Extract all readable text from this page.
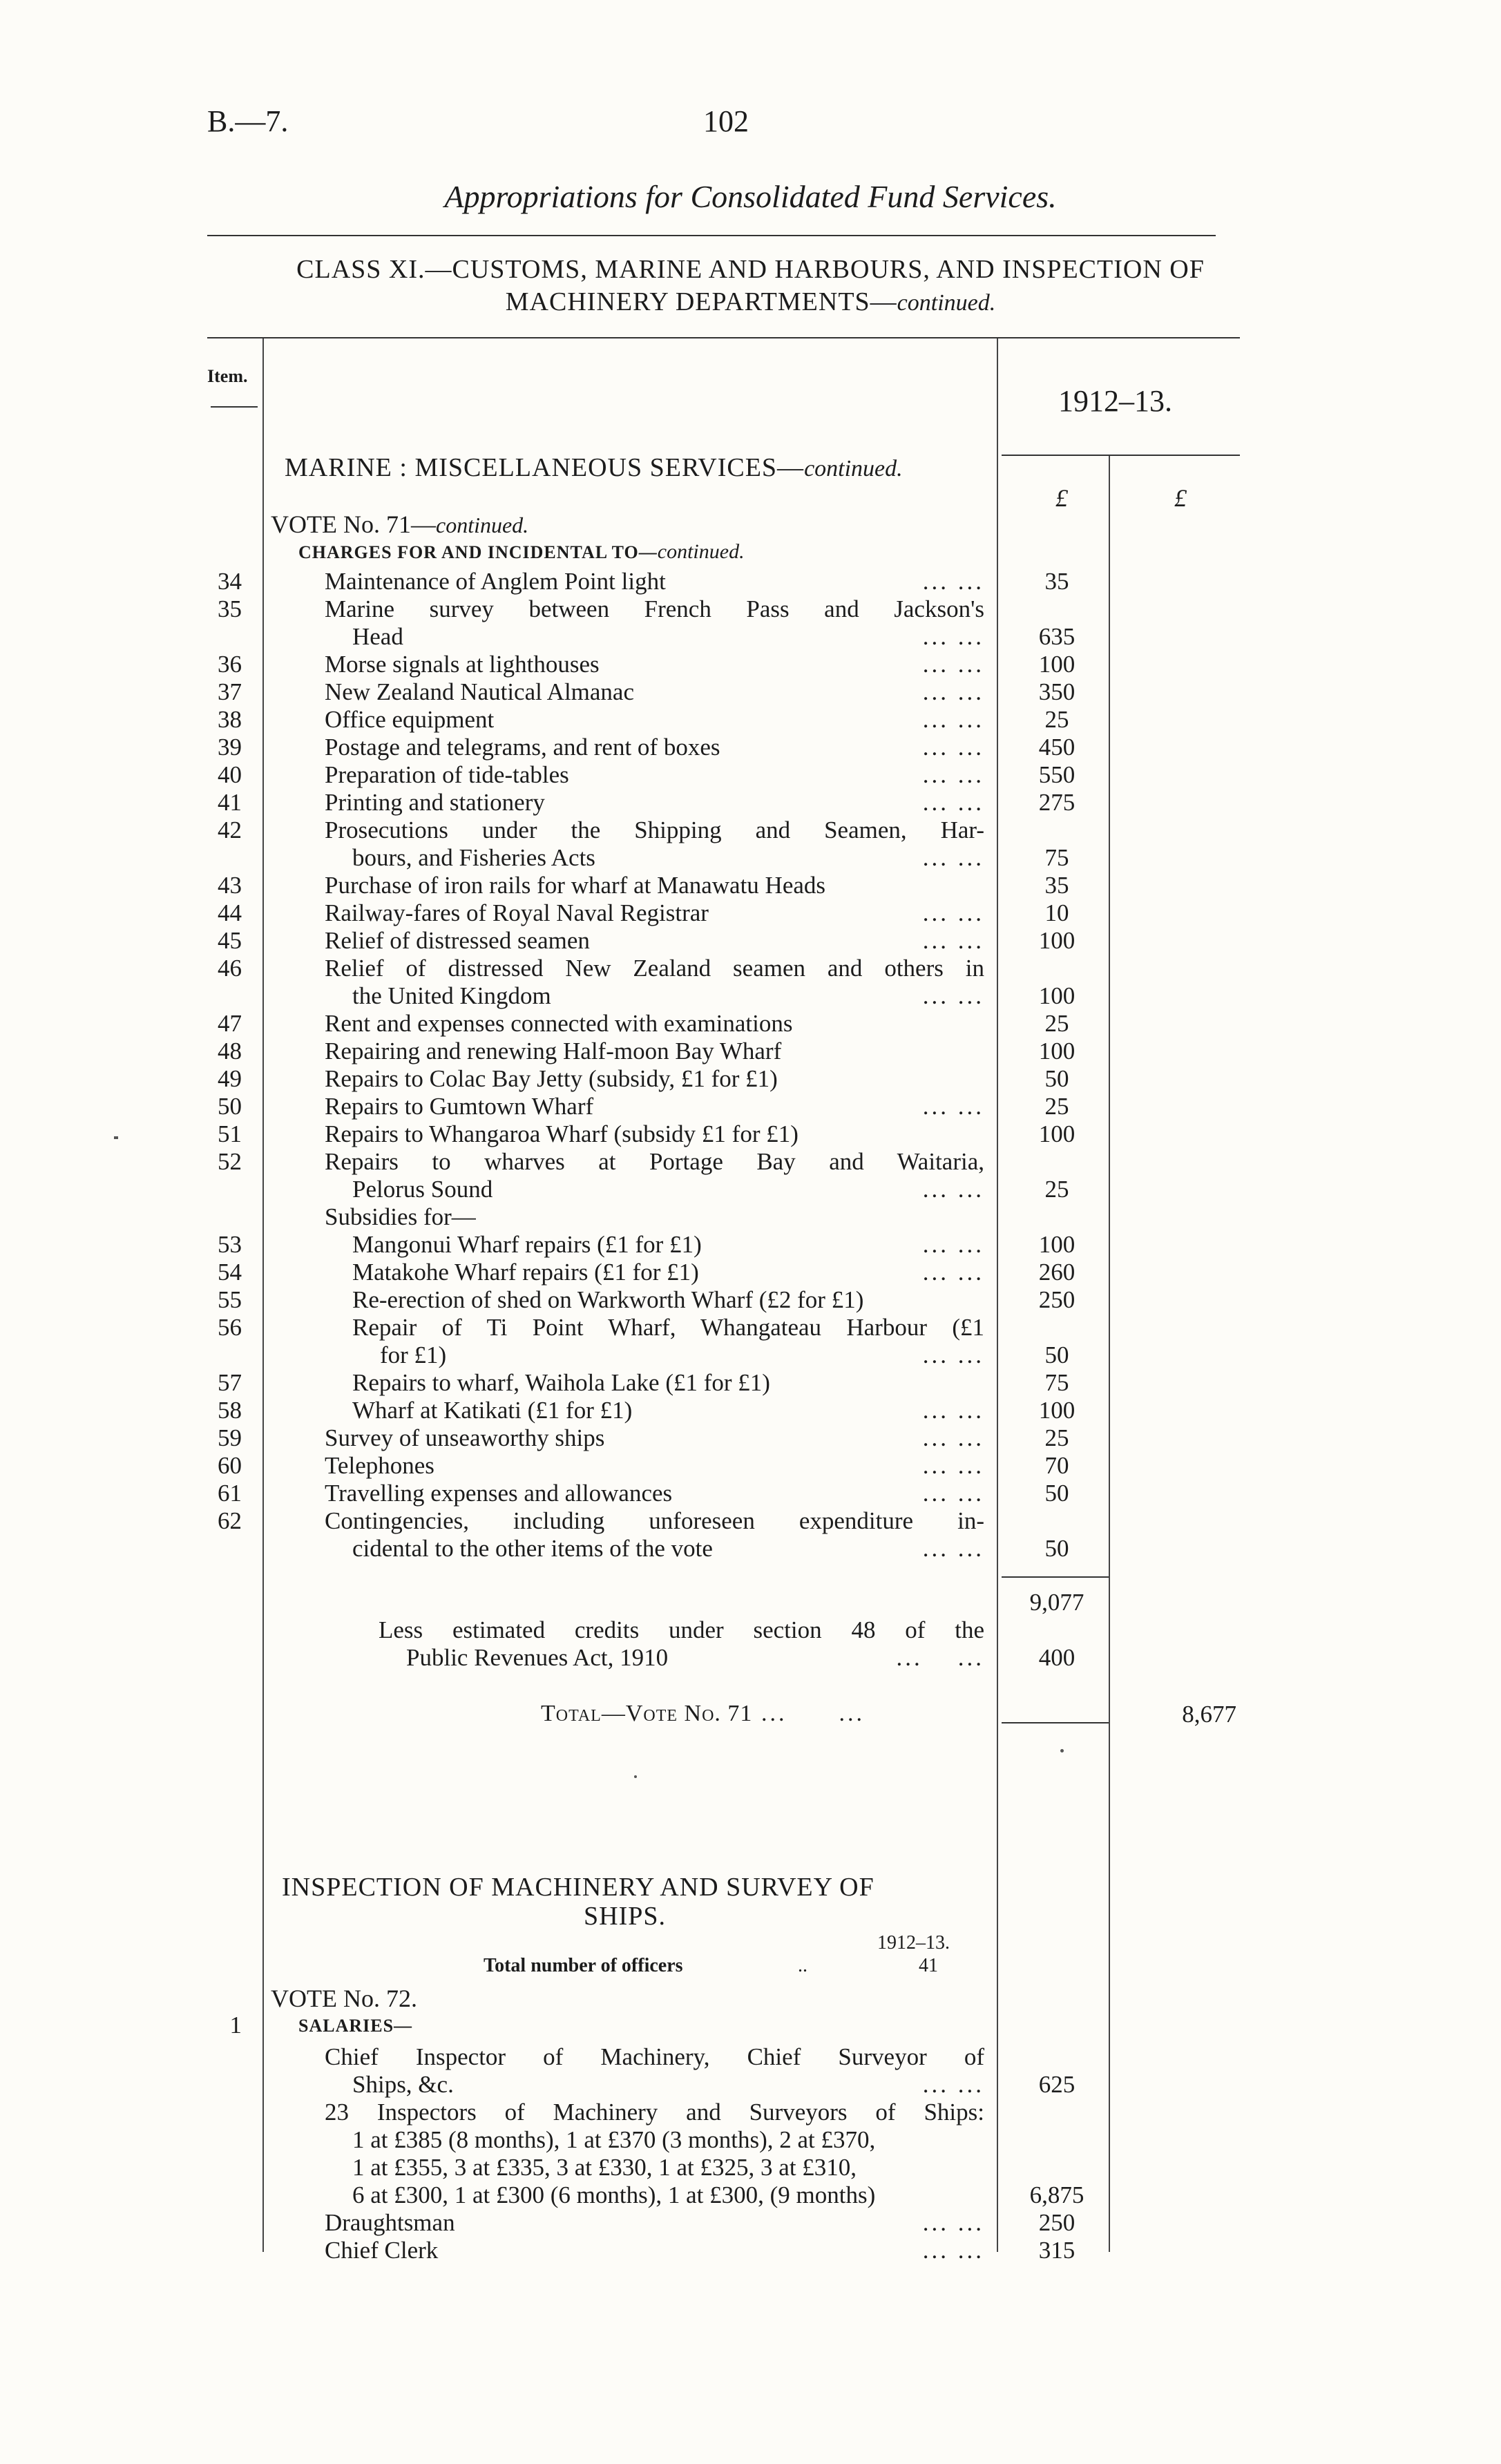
B.—7.	102
Appropriations for Consolidated Fund Services.
CLASS XI.—CUSTOMS, MARINE AND HARBOURS, AND INSPECTION OF
MACHINERY DEPARTMENTS—continued.
Item.
1912–13.
£	£
MARINE : MISCELLANEOUS SERVICES—continued.
VOTE No. 71—continued.
CHARGES FOR AND INCIDENTAL TO—continued.
34	Maintenance of Anglem Point light	... ...	35
35	Marine survey between French Pass and Jackson's
Head	... ...	635
36	Morse signals at lighthouses	... ...	100
37	New Zealand Nautical Almanac	... ...	350
38	Office equipment	... ...	25
39	Postage and telegrams, and rent of boxes	... ...	450
40	Preparation of tide-tables	... ...	550
41	Printing and stationery	... ...	275
42	Prosecutions under the Shipping and Seamen, Har-
bours, and Fisheries Acts	... ...	75
43	Purchase of iron rails for wharf at Manawatu Heads	35
44	Railway-fares of Royal Naval Registrar	... ...	10
45	Relief of distressed seamen	... ...	100
46	Relief of distressed New Zealand seamen and others in
the United Kingdom	... ...	100
47	Rent and expenses connected with examinations	25
48	Repairing and renewing Half-moon Bay Wharf	100
49	Repairs to Colac Bay Jetty (subsidy, £1 for £1)	50
50	Repairs to Gumtown Wharf	... ...	25
51	Repairs to Whangaroa Wharf (subsidy £1 for £1)	100
52	Repairs to wharves at Portage Bay and Waitaria,
Pelorus Sound	... ...	25
Subsidies for—
53	Mangonui Wharf repairs (£1 for £1)	... ...	100
54	Matakohe Wharf repairs (£1 for £1)	... ...	260
55	Re-erection of shed on Warkworth Wharf (£2 for £1)	250
56	Repair of Ti Point Wharf, Whangateau Harbour (£1
for £1)	... ...	50
57	Repairs to wharf, Waihola Lake (£1 for £1)	75
58	Wharf at Katikati (£1 for £1)	... ...	100
59	Survey of unseaworthy ships	... ...	25
60	Telephones	... ...	70
61	Travelling expenses and allowances	... ...	50
62	Contingencies, including unforeseen expenditure in-
cidental to the other items of the vote	... ...	50
9,077
Less estimated credits under section 48 of the
Public Revenues Act, 1910	...    ...	400
Total—Vote No. 71 ...      ...	8,677
INSPECTION OF MACHINERY AND SURVEY OF
SHIPS.
1912–13.
Total number of officers	..	41
VOTE No. 72.
1	SALARIES—
Chief Inspector of Machinery, Chief Surveyor of
Ships, &c.	... ...	625
23 Inspectors of Machinery and Surveyors of Ships:
1 at £385 (8 months), 1 at £370 (3 months), 2 at £370,
1 at £355, 3 at £335, 3 at £330, 1 at £325, 3 at £310,
6 at £300, 1 at £300 (6 months), 1 at £300, (9 months)	6,875
Draughtsman	... ...	250
Chief Clerk	... ...	315
